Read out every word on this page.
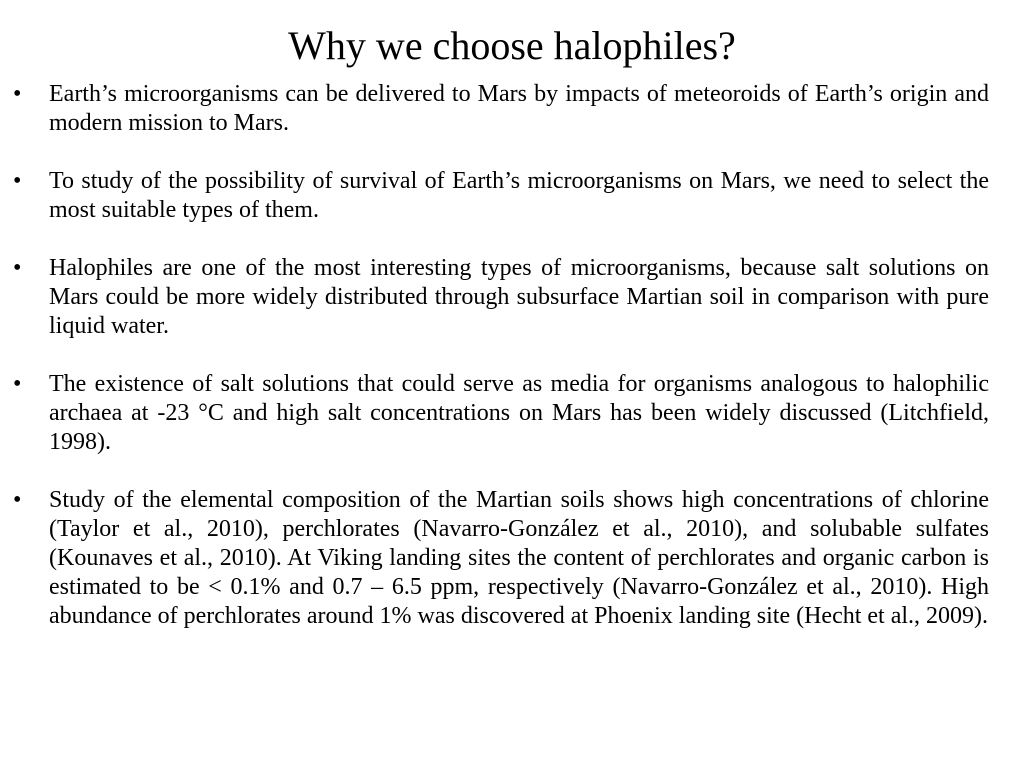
Why we choose halophiles?
• Earth’s microorganisms can be delivered to Mars by impacts of meteoroids of Earth’s origin and modern mission to Mars.
• To study of the possibility of survival of Earth’s microorganisms on Mars, we need to select the most suitable types of them.
• Halophiles are one of the most interesting types of microorganisms, because salt solutions on Mars could be more widely distributed through subsurface Martian soil in comparison with pure liquid water.
• The existence of salt solutions that could serve as media for organisms analogous to halophilic archaea at -23 °C and high salt concentrations on Mars has been widely discussed (Litchfield, 1998).
• Study of the elemental composition of the Martian soils shows high concentrations of chlorine (Taylor et al., 2010), perchlorates (Navarro-González et al., 2010), and solubable sulfates (Kounaves et al., 2010). At Viking landing sites the content of perchlorates and organic carbon is estimated to be < 0.1% and 0.7 – 6.5 ppm, respectively (Navarro-González et al., 2010). High abundance of perchlorates around 1% was discovered at Phoenix landing site (Hecht et al., 2009).
